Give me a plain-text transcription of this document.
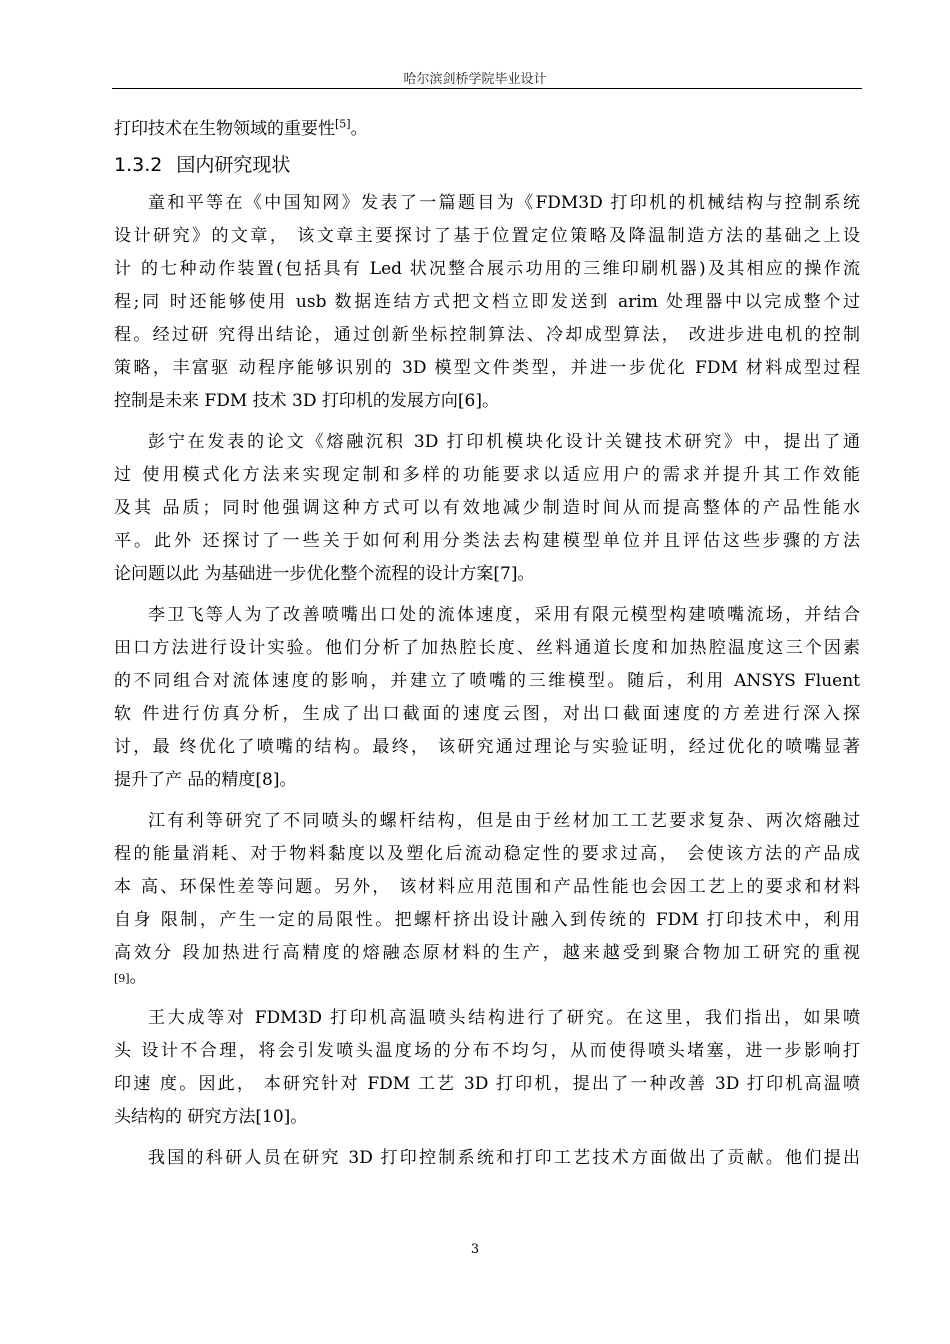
哈尔滨剑桥学院毕业设计
打印技术在生物领域的重要性[5]。
1.3.2 国内研究现状
童和平等在《中国知网》发表了一篇题目为《FDM3D 打印机的机械结构与控制系统
设计研究》的文章， 该文章主要探讨了基于位置定位策略及降温制造方法的基础之上设
计 的七种动作装置(包括具有 Led 状况整合展示功用的三维印刷机器)及其相应的操作流
程;同 时还能够使用 usb 数据连结方式把文档立即发送到 arim 处理器中以完成整个过
程。经过研 究得出结论，通过创新坐标控制算法、冷却成型算法， 改进步进电机的控制
策略，丰富驱 动程序能够识别的 3D 模型文件类型，并进一步优化 FDM 材料成型过程
控制是未来 FDM 技术 3D 打印机的发展方向[6]。
彭宁在发表的论文《熔融沉积 3D 打印机模块化设计关键技术研究》中，提出了通
过 使用模式化方法来实现定制和多样的功能要求以适应用户的需求并提升其工作效能
及其 品质；同时他强调这种方式可以有效地减少制造时间从而提高整体的产品性能水
平。此外 还探讨了一些关于如何利用分类法去构建模型单位并且评估这些步骤的方法
论问题以此 为基础进一步优化整个流程的设计方案[7]。
李卫飞等人为了改善喷嘴出口处的流体速度，采用有限元模型构建喷嘴流场，并结合
田口方法进行设计实验。他们分析了加热腔长度、丝料通道长度和加热腔温度这三个因素
的不同组合对流体速度的影响，并建立了喷嘴的三维模型。随后，利用 ANSYS Fluent
软 件进行仿真分析，生成了出口截面的速度云图，对出口截面速度的方差进行深入探
讨，最 终优化了喷嘴的结构。最终， 该研究通过理论与实验证明，经过优化的喷嘴显著
提升了产 品的精度[8]。
江有利等研究了不同喷头的螺杆结构，但是由于丝材加工工艺要求复杂、两次熔融过
程的能量消耗、对于物料黏度以及塑化后流动稳定性的要求过高， 会使该方法的产品成
本 高、环保性差等问题。另外， 该材料应用范围和产品性能也会因工艺上的要求和材料
自身 限制，产生一定的局限性。把螺杆挤出设计融入到传统的 FDM 打印技术中，利用
高效分 段加热进行高精度的熔融态原材料的生产，越来越受到聚合物加工研究的重视
[9]。
王大成等对 FDM3D 打印机高温喷头结构进行了研究。在这里，我们指出，如果喷
头 设计不合理，将会引发喷头温度场的分布不均匀，从而使得喷头堵塞，进一步影响打
印速 度。因此， 本研究针对 FDM 工艺 3D 打印机，提出了一种改善 3D 打印机高温喷
头结构的 研究方法[10]。
我国的科研人员在研究 3D 打印控制系统和打印工艺技术方面做出了贡献。他们提出
3
